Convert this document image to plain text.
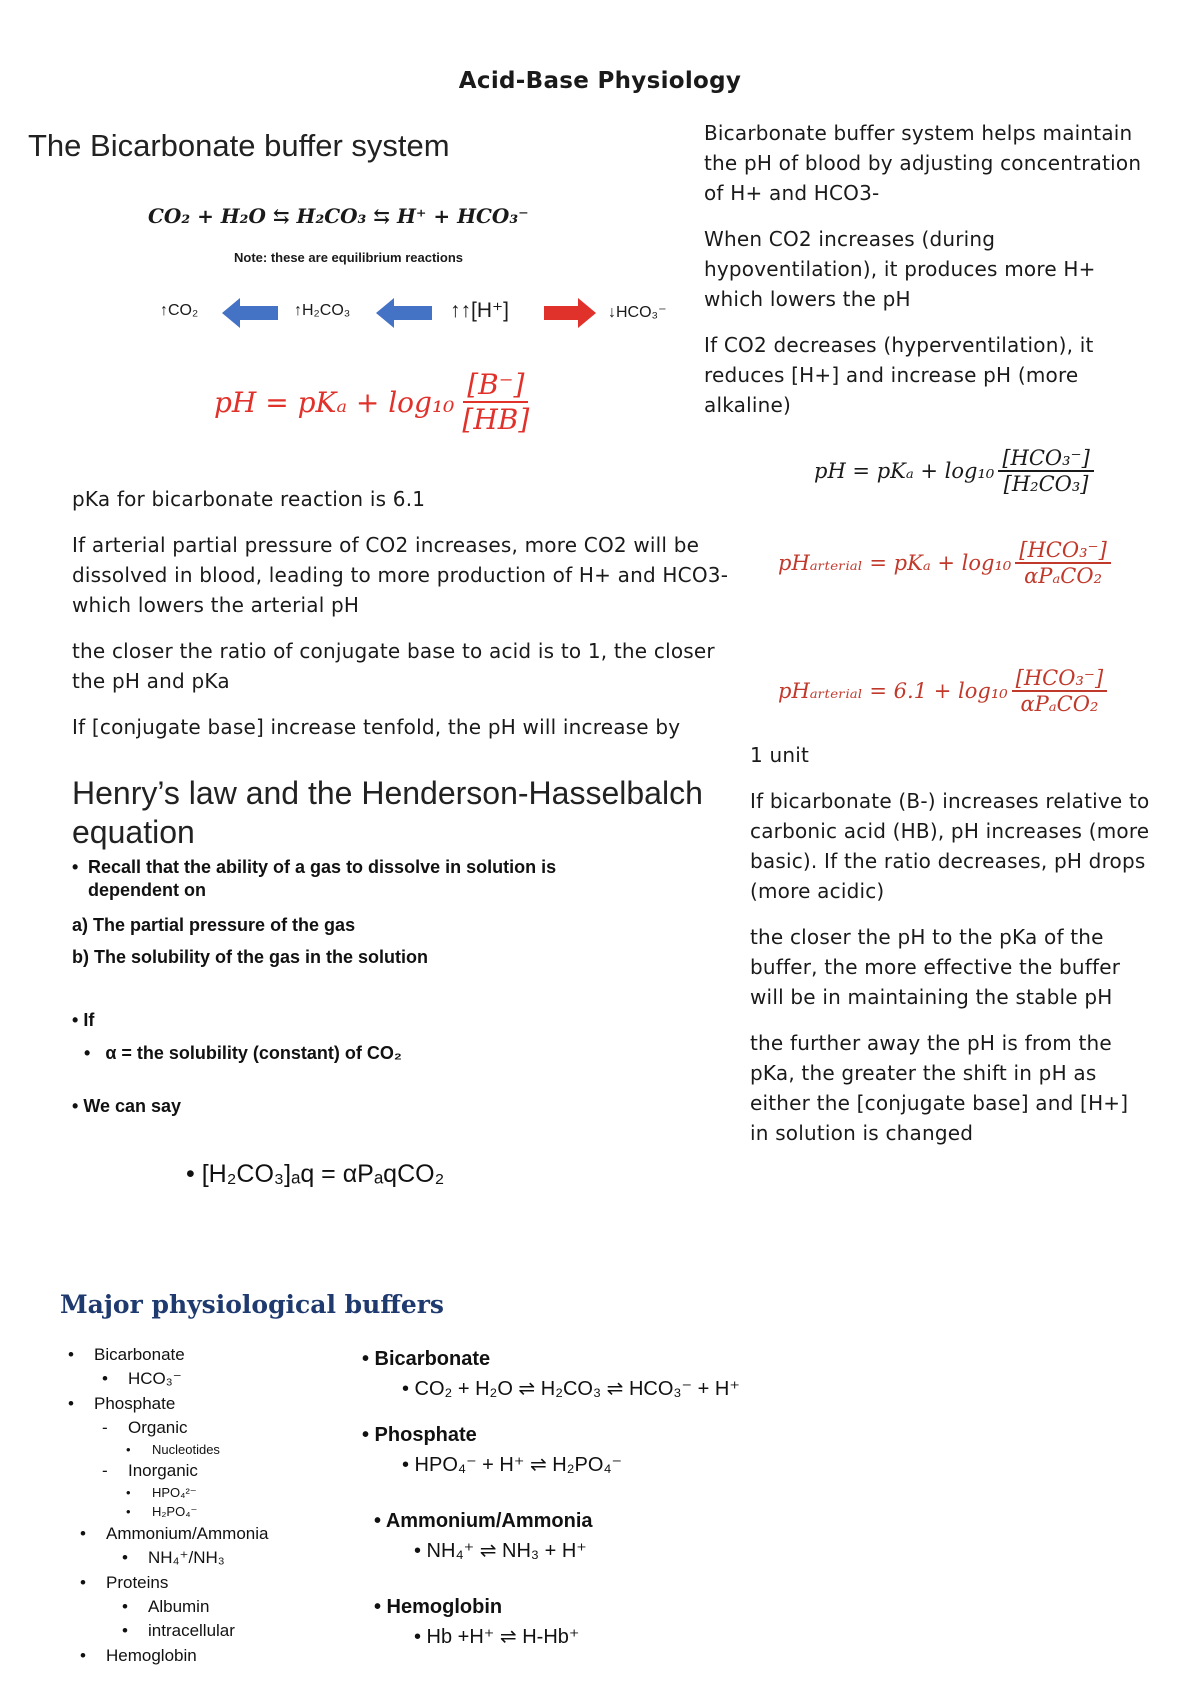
Acid-Base Physiology
The Bicarbonate buffer system
CO₂ + H₂O ⇆ H₂CO₃ ⇆ H⁺ + HCO₃⁻
Note: these are equilibrium reactions
↑CO₂	↑H₂CO₃	↑↑[H⁺]	↓HCO₃⁻
pH = $pK_a + \log_{10} \frac{[B^-]}{[HB]}$
Bicarbonate buffer system helps maintain the pH of blood by adjusting concentration of H+ and HCO3-
When CO2 increases (during hypoventilation), it produces more H+ which lowers the pH
If CO2 decreases (hyperventilation), it reduces [H+] and increase pH (more alkaline)
pH = $pK_a + \log_{10} \frac{\text{[HCO₃⁻]}}{\text{[H₂CO₃]}}$
pHₐᵣₜₑᵣᵢₐₗ = $pK_a + \log_{10} \frac{\text{[HCO₃⁻]}}{\text{αPₐCO₂}}$
pHₐᵣₜₑᵣᵢₐₗ = $6.1 + \log_{10} \frac{\text{[HCO₃⁻]}}{\text{αPₐCO₂}}$
pKa for bicarbonate reaction is 6.1
If arterial partial pressure of CO2 increases, more CO2 will be dissolved in blood, leading to more production of H+ and HCO3- which lowers the arterial pH
the closer the ratio of conjugate base to acid is to 1, the closer the pH and pKa
If [conjugate base] increase tenfold, the pH will increase by
1 unit
If bicarbonate (B-) increases relative to carbonic acid (HB), pH increases (more basic). If the ratio decreases, pH drops (more acidic)
the closer the pH to the pKa of the buffer, the more effective the buffer will be in maintaining the stable pH
the further away the pH is from the pKa, the greater the shift in pH as either the [conjugate base] and [H+] in solution is changed
Henry’s law and the Henderson-Hasselbalch equation
• Recall that the ability of a gas to dissolve in solution is dependent on
a) The partial pressure of the gas
b) The solubility of the gas in the solution
• If
•   α = the solubility (constant) of CO₂
• We can say
• [H₂CO₃]ₐq = αPₐqCO₂
Major physiological buffers
• Bicarbonate
• HCO₃⁻
• Phosphate
- Organic
• Nucleotides
- Inorganic
• HPO₄²⁻
• H₂PO₄⁻
• Ammonium/Ammonia
• NH₄⁺/NH₃
• Proteins
• Albumin
• intracellular
• Hemoglobin
• Bicarbonate
• CO₂ + H₂O ⇌ H₂CO₃ ⇌ HCO₃⁻ + H⁺
• Phosphate
• HPO₄⁻ + H⁺ ⇌ H₂PO₄⁻
• Ammonium/Ammonia
• NH₄⁺ ⇌ NH₃ + H⁺
• Hemoglobin
• Hb +H⁺ ⇌ H-Hb⁺
